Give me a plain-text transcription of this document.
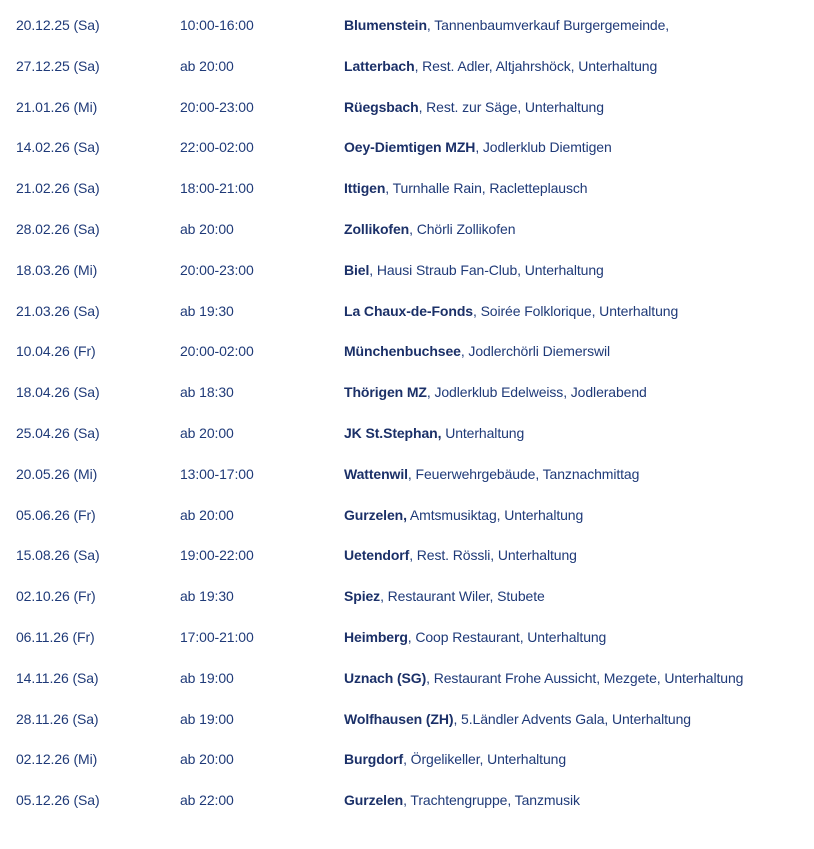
20.12.25 (Sa)	10:00-16:00	Blumenstein, Tannenbaumverkauf Burgergemeinde,
27.12.25 (Sa)	ab 20:00	Latterbach, Rest. Adler, Altjahrshöck, Unterhaltung
21.01.26 (Mi)	20:00-23:00	Rüegsbach, Rest. zur Säge, Unterhaltung
14.02.26 (Sa)	22:00-02:00	Oey-Diemtigen MZH, Jodlerklub Diemtigen
21.02.26 (Sa)	18:00-21:00	Ittigen, Turnhalle Rain, Racletteplausch
28.02.26 (Sa)	ab 20:00	Zollikofen, Chörli Zollikofen
18.03.26 (Mi)	20:00-23:00	Biel, Hausi Straub Fan-Club, Unterhaltung
21.03.26 (Sa)	ab 19:30	La Chaux-de-Fonds, Soirée Folklorique, Unterhaltung
10.04.26 (Fr)	20:00-02:00	Münchenbuchsee, Jodlerchörli Diemerswil
18.04.26 (Sa)	ab 18:30	Thörigen MZ, Jodlerklub Edelweiss, Jodlerabend
25.04.26 (Sa)	ab 20:00	JK St.Stephan, Unterhaltung
20.05.26 (Mi)	13:00-17:00	Wattenwil, Feuerwehrgebäude, Tanznachmittag
05.06.26 (Fr)	ab 20:00	Gurzelen, Amtsmusiktag, Unterhaltung
15.08.26 (Sa)	19:00-22:00	Uetendorf, Rest. Rössli, Unterhaltung
02.10.26 (Fr)	ab 19:30	Spiez, Restaurant Wiler, Stubete
06.11.26 (Fr)	17:00-21:00	Heimberg, Coop Restaurant, Unterhaltung
14.11.26 (Sa)	ab 19:00	Uznach (SG), Restaurant Frohe Aussicht, Mezgete, Unterhaltung
28.11.26 (Sa)	ab 19:00	Wolfhausen (ZH), 5.Ländler Advents Gala, Unterhaltung
02.12.26 (Mi)	ab 20:00	Burgdorf, Örgelikeller, Unterhaltung
05.12.26 (Sa)	ab 22:00	Gurzelen, Trachtengruppe, Tanzmusik
